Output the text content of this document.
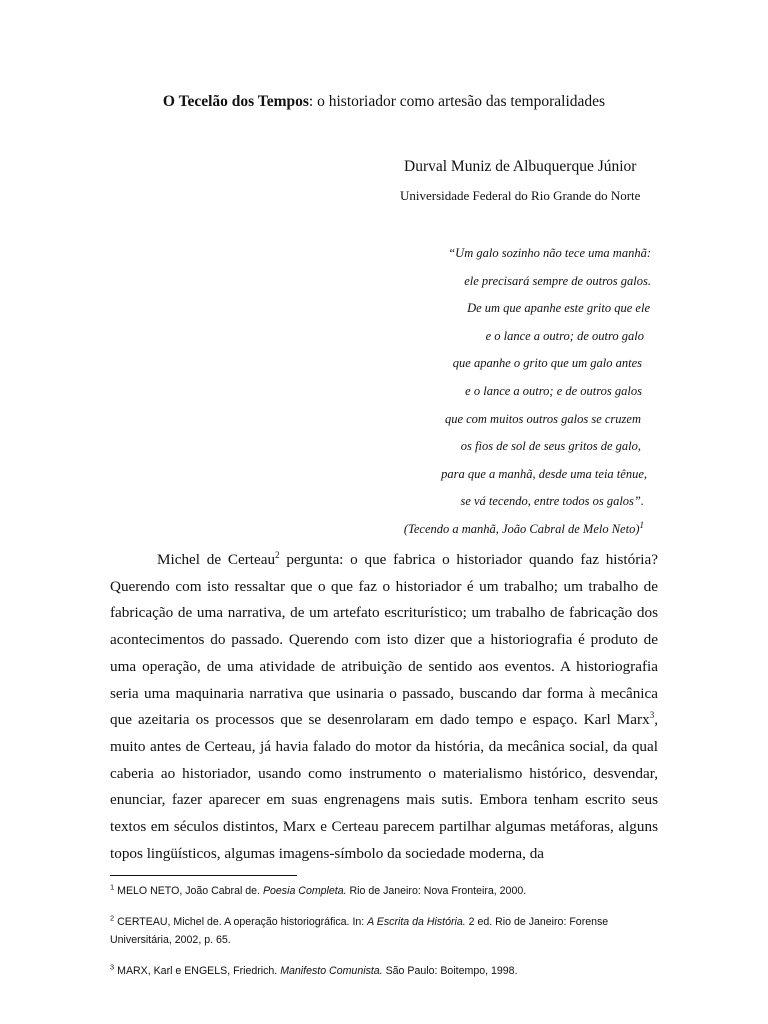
O Tecelão dos Tempos: o historiador como artesão das temporalidades
Durval Muniz de Albuquerque Júnior
Universidade Federal do Rio Grande do Norte
“Um galo sozinho não tece uma manhã:
ele precisará sempre de outros galos.
De um que apanhe este grito que ele
e o lance a outro; de outro galo
que apanhe o grito que um galo antes
e o lance a outro; e de outros galos
que com muitos outros galos se cruzem
os fios de sol de seus gritos de galo,
para que a manhã, desde uma teia tênue,
se vá tecendo, entre todos os galos”.
(Tecendo a manhã, João Cabral de Melo Neto)$^1$
Michel de Certeau$^2$ pergunta: o que fabrica o historiador quando faz história? Querendo com isto ressaltar que o que faz o historiador é um trabalho; um trabalho de fabricação de uma narrativa, de um artefato escriturístico; um trabalho de fabricação dos acontecimentos do passado. Querendo com isto dizer que a historiografia é produto de uma operação, de uma atividade de atribuição de sentido aos eventos. A historiografia seria uma maquinaria narrativa que usinaria o passado, buscando dar forma à mecânica que azeitaria os processos que se desenrolaram em dado tempo e espaço. Karl Marx$^3$, muito antes de Certeau, já havia falado do motor da história, da mecânica social, da qual caberia ao historiador, usando como instrumento o materialismo histórico, desvendar, enunciar, fazer aparecer em suas engrenagens mais sutis. Embora tenham escrito seus textos em séculos distintos, Marx e Certeau parecem partilhar algumas metáforas, alguns topos lingüísticos, algumas imagens-símbolo da sociedade moderna, da

$^1$ MELO NETO, João Cabral de. Poesia Completa. Rio de Janeiro: Nova Fronteira, 2000.

$^2$ CERTEAU, Michel de. A operação historiográfica. In: A Escrita da História. 2 ed. Rio de Janeiro: Forense Universitária, 2002, p. 65.

$^3$ MARX, Karl e ENGELS, Friedrich. Manifesto Comunista. São Paulo: Boitempo, 1998.
